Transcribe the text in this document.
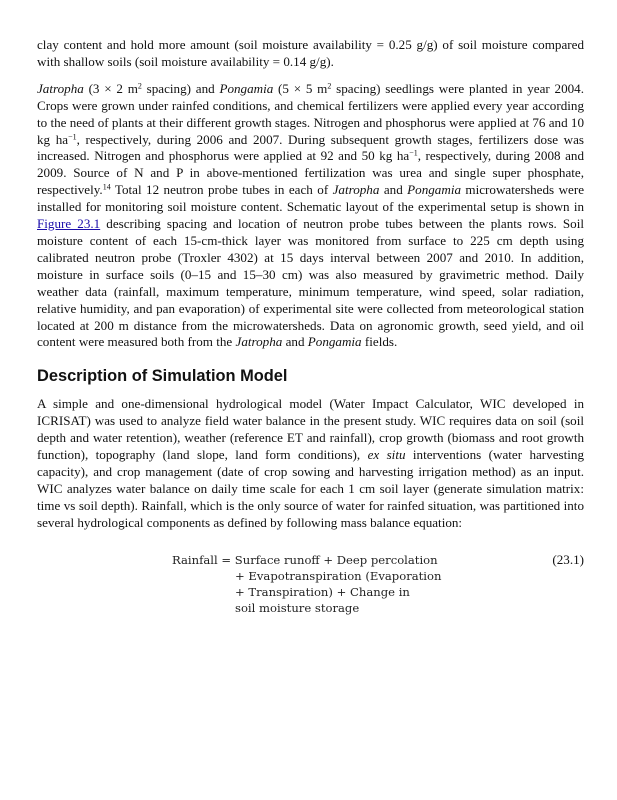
clay content and hold more amount (soil moisture availability = 0.25 g/g) of soil moisture compared with shallow soils (soil moisture availability = 0.14 g/g).

Jatropha (3 × 2 $m^2$ spacing) and Pongamia (5 × 5 $m^2$ spacing) seedlings were planted in year 2004. Crops were grown under rainfed conditions, and chemical fertilizers were applied every year according to the need of plants at their different growth stages. Nitrogen and phosphorus were applied at 76 and 10 kg $ha^{-1}$, respectively, during 2006 and 2007. During subsequent growth stages, fertilizers dose was increased. Nitrogen and phosphorus were applied at 92 and 50 kg $ha^{-1}$, respectively, during 2008 and 2009. Source of N and P in above-mentioned fertilization was urea and single super phosphate, respectively.$^{14}$ Total 12 neutron probe tubes in each of Jatropha and Pongamia microwatersheds were installed for monitoring soil moisture content. Schematic layout of the experimental setup is shown in Figure 23.1 describing spacing and location of neutron probe tubes between the plants rows. Soil moisture content of each 15-cm-thick layer was monitored from surface to 225 cm depth using calibrated neutron probe (Troxler 4302) at 15 days interval between 2007 and 2010. In addition, moisture in surface soils (0–15 and 15–30 cm) was also measured by gravimetric method. Daily weather data (rainfall, maximum temperature, minimum temperature, wind speed, solar radiation, relative humidity, and pan evaporation) of experimental site were collected from meteorological station located at 200 m distance from the microwatersheds. Data on agronomic growth, seed yield, and oil content were measured both from the Jatropha and Pongamia fields.

Description of Simulation Model

A simple and one-dimensional hydrological model (Water Impact Calculator, WIC developed in ICRISAT) was used to analyze field water balance in the present study. WIC requires data on soil (soil depth and water retention), weather (reference ET and rainfall), crop growth (biomass and root growth function), topography (land slope, land form conditions), ex situ interventions (water harvesting capacity), and crop management (date of crop sowing and harvesting irrigation method) as an input. WIC analyzes water balance on daily time scale for each 1 cm soil layer (generate simulation matrix: time vs soil depth). Rainfall, which is the only source of water for rainfed situation, was partitioned into several hydrological components as defined by following mass balance equation:

Rainfall = Surface runoff + Deep percolation
+ Evapotranspiration (Evaporation
+ Transpiration) + Change in
soil moisture storage
(23.1)
